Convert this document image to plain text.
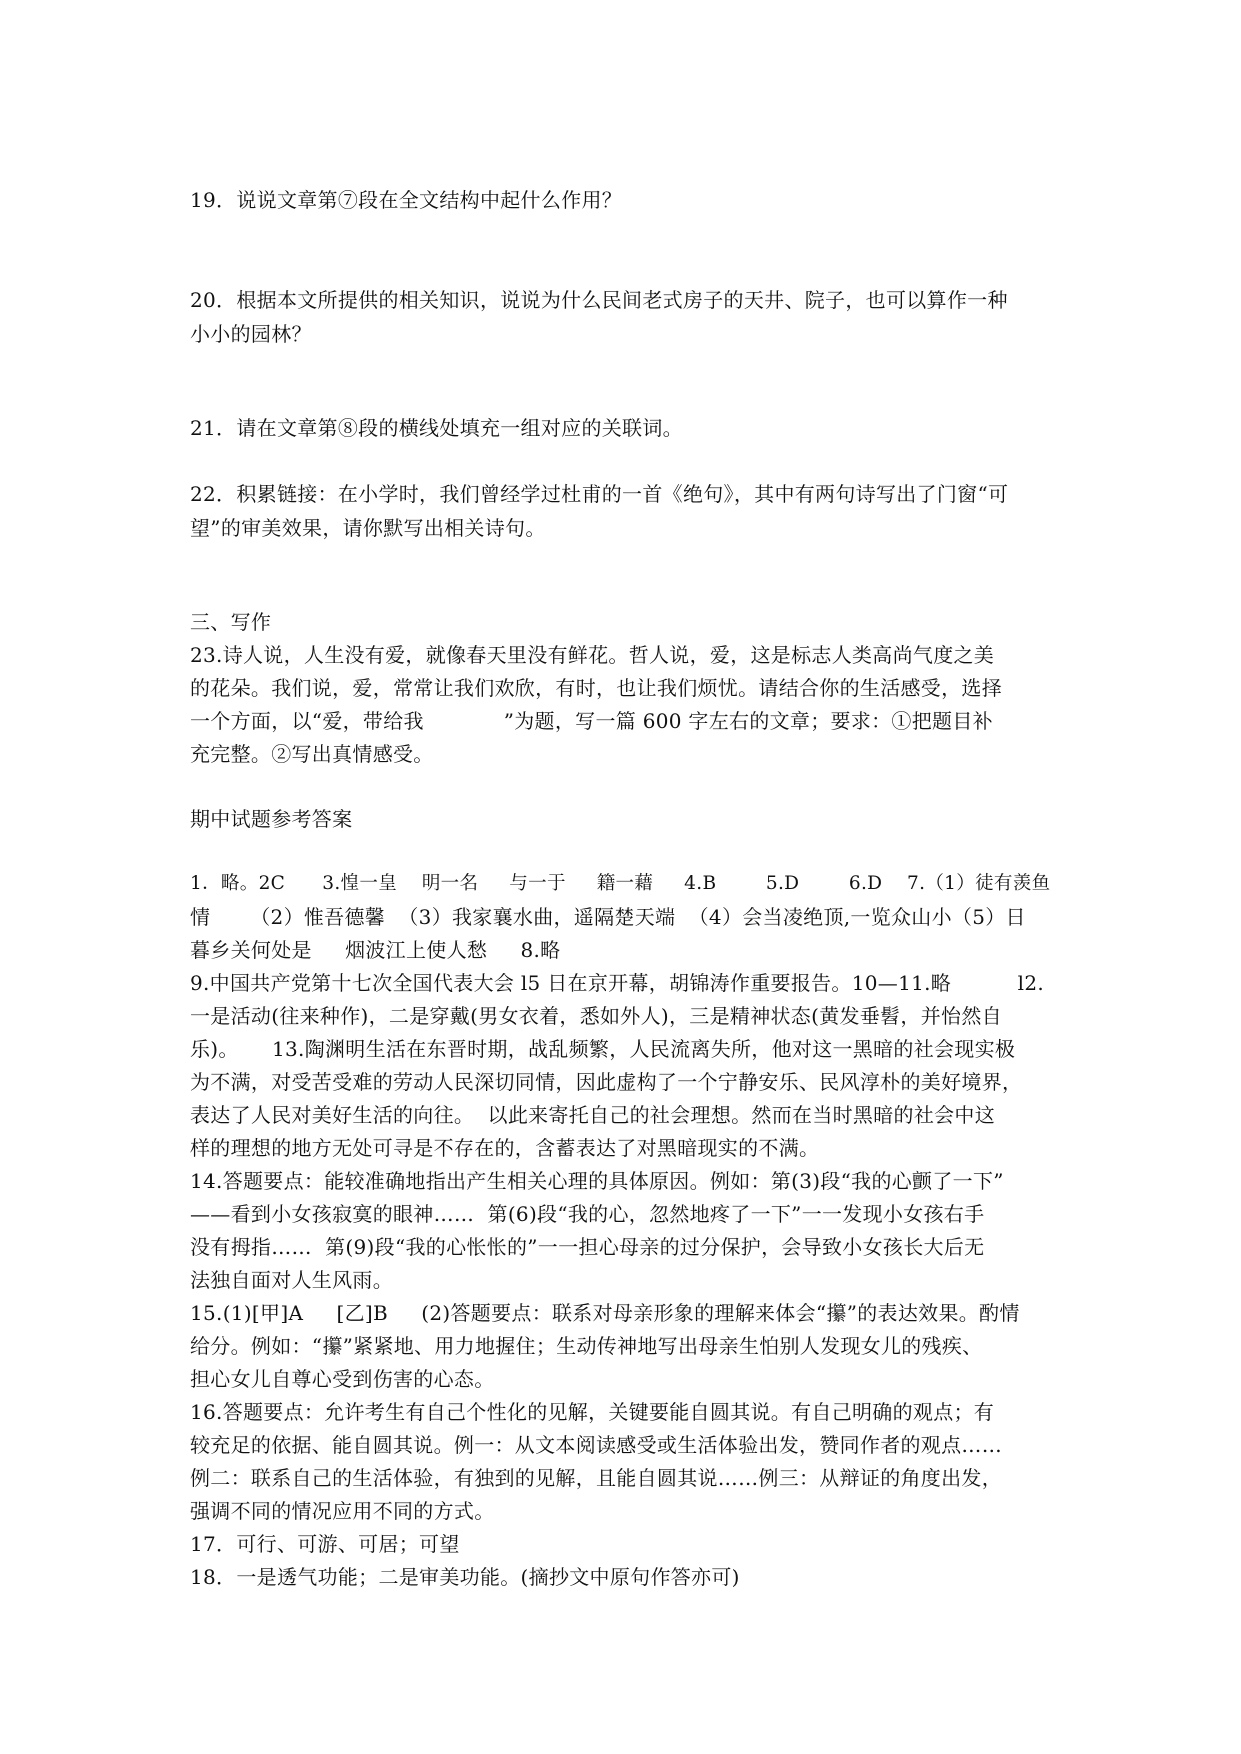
19．说说文章第⑦段在全文结构中起什么作用？
20．根据本文所提供的相关知识，说说为什么民间老式房子的天井、院子，也可以算作一种
小小的园林？
21．请在文章第⑧段的横线处填充一组对应的关联词。
22．积累链接：在小学时，我们曾经学过杜甫的一首《绝句》，其中有两句诗写出了门窗“可
望”的审美效果，请你默写出相关诗句。
三、写作
23.诗人说，人生没有爱，就像春天里没有鲜花。哲人说，爱，这是标志人类高尚气度之美
的花朵。我们说，爱，常常让我们欢欣，有时，也让我们烦忧。请结合你的生活感受，选择
一个方面，以“爱，带给我            ”为题，写一篇 600 字左右的文章；要求：①把题目补
充完整。②写出真情感受。
期中试题参考答案
1．略。2C      3.惶一皇    明一名     与一于     籍一藉     4.B        5.D        6.D    7.（1）徒有羡鱼
情      （2）惟吾德馨  （3）我家襄水曲，遥隔楚天端  （4）会当凌绝顶,一览众山小（5）日
暮乡关何处是     烟波江上使人愁     8.略
9.中国共产党第十七次全国代表大会 l5 日在京开幕，胡锦涛作重要报告。10—11.略          l2.
一是活动(往来种作)，二是穿戴(男女衣着，悉如外人)，三是精神状态(黄发垂髫，并怡然自
乐)。     13.陶渊明生活在东晋时期，战乱频繁，人民流离失所，他对这一黑暗的社会现实极
为不满，对受苦受难的劳动人民深切同情，因此虚构了一个宁静安乐、民风淳朴的美好境界，
表达了人民对美好生活的向往。  以此来寄托自己的社会理想。然而在当时黑暗的社会中这
样的理想的地方无处可寻是不存在的，含蓄表达了对黑暗现实的不满。
14.答题要点：能较准确地指出产生相关心理的具体原因。例如：第(3)段“我的心颤了一下”
——看到小女孩寂寞的眼神……  第(6)段“我的心，忽然地疼了一下”一一发现小女孩右手
没有拇指……  第(9)段“我的心怅怅的”一一担心母亲的过分保护，会导致小女孩长大后无
法独自面对人生风雨。
15.(1)[甲]A     [乙]B     (2)答题要点：联系对母亲形象的理解来体会“攥”的表达效果。酌情
给分。例如：“攥”紧紧地、用力地握住；生动传神地写出母亲生怕别人发现女儿的残疾、
担心女儿自尊心受到伤害的心态。
16.答题要点：允许考生有自己个性化的见解，关键要能自圆其说。有自己明确的观点；有
较充足的依据、能自圆其说。例一：从文本阅读感受或生活体验出发，赞同作者的观点……
例二：联系自己的生活体验，有独到的见解，且能自圆其说……例三：从辩证的角度出发，
强调不同的情况应用不同的方式。
17．可行、可游、可居；可望
18．一是透气功能；二是审美功能。(摘抄文中原句作答亦可)
